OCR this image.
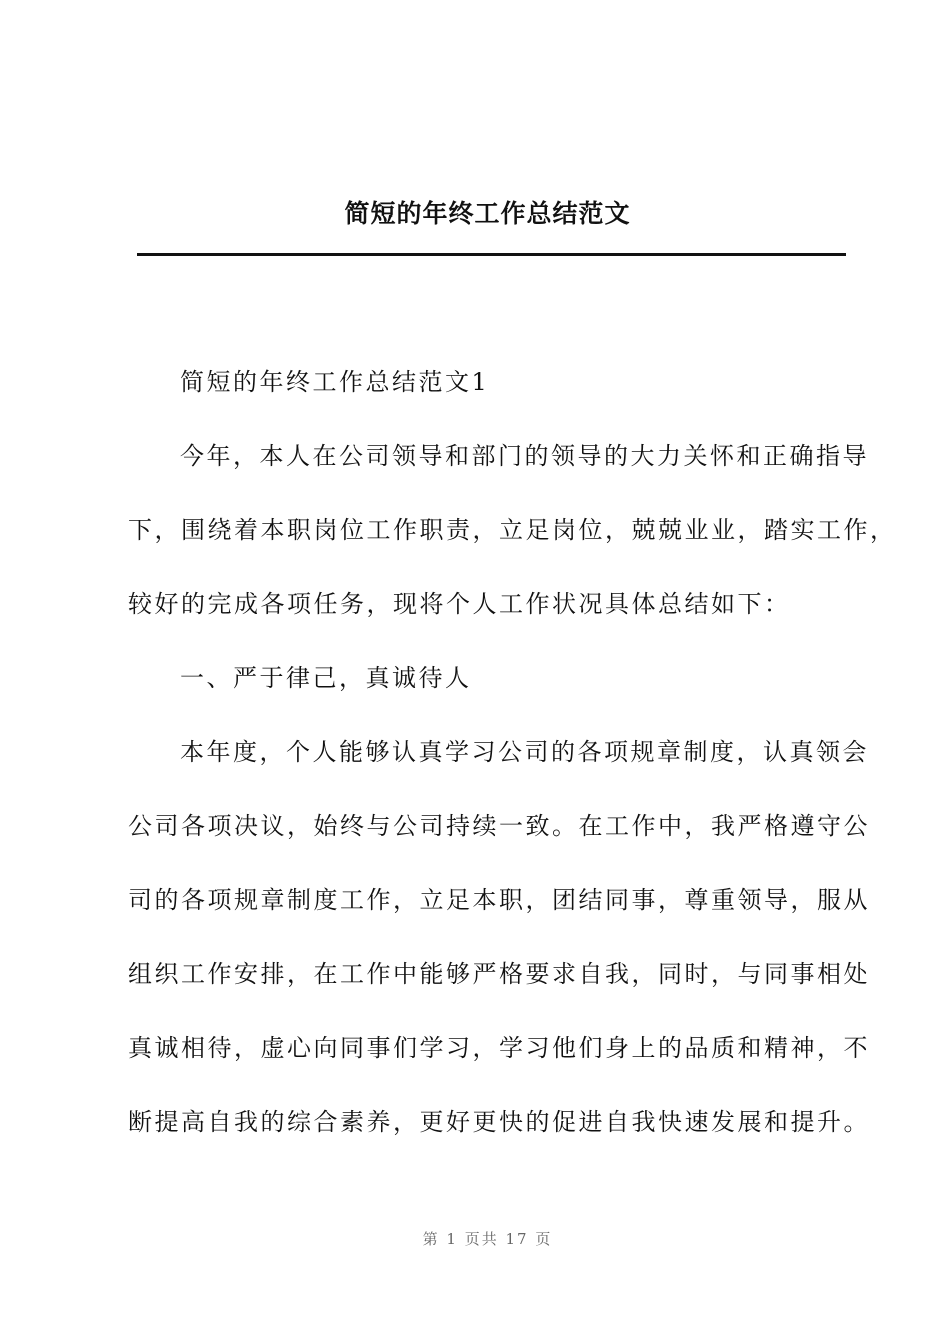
简短的年终工作总结范文

简短的年终工作总结范文1

今年，本人在公司领导和部门的领导的大力关怀和正确指导
下，围绕着本职岗位工作职责，立足岗位，兢兢业业，踏实工作，
较好的完成各项任务，现将个人工作状况具体总结如下：

一、严于律己，真诚待人

本年度，个人能够认真学习公司的各项规章制度，认真领会
公司各项决议，始终与公司持续一致。在工作中，我严格遵守公
司的各项规章制度工作，立足本职，团结同事，尊重领导，服从
组织工作安排，在工作中能够严格要求自我，同时，与同事相处
真诚相待，虚心向同事们学习，学习他们身上的品质和精神，不
断提高自我的综合素养，更好更快的促进自我快速发展和提升。

第 1 页共 17 页
